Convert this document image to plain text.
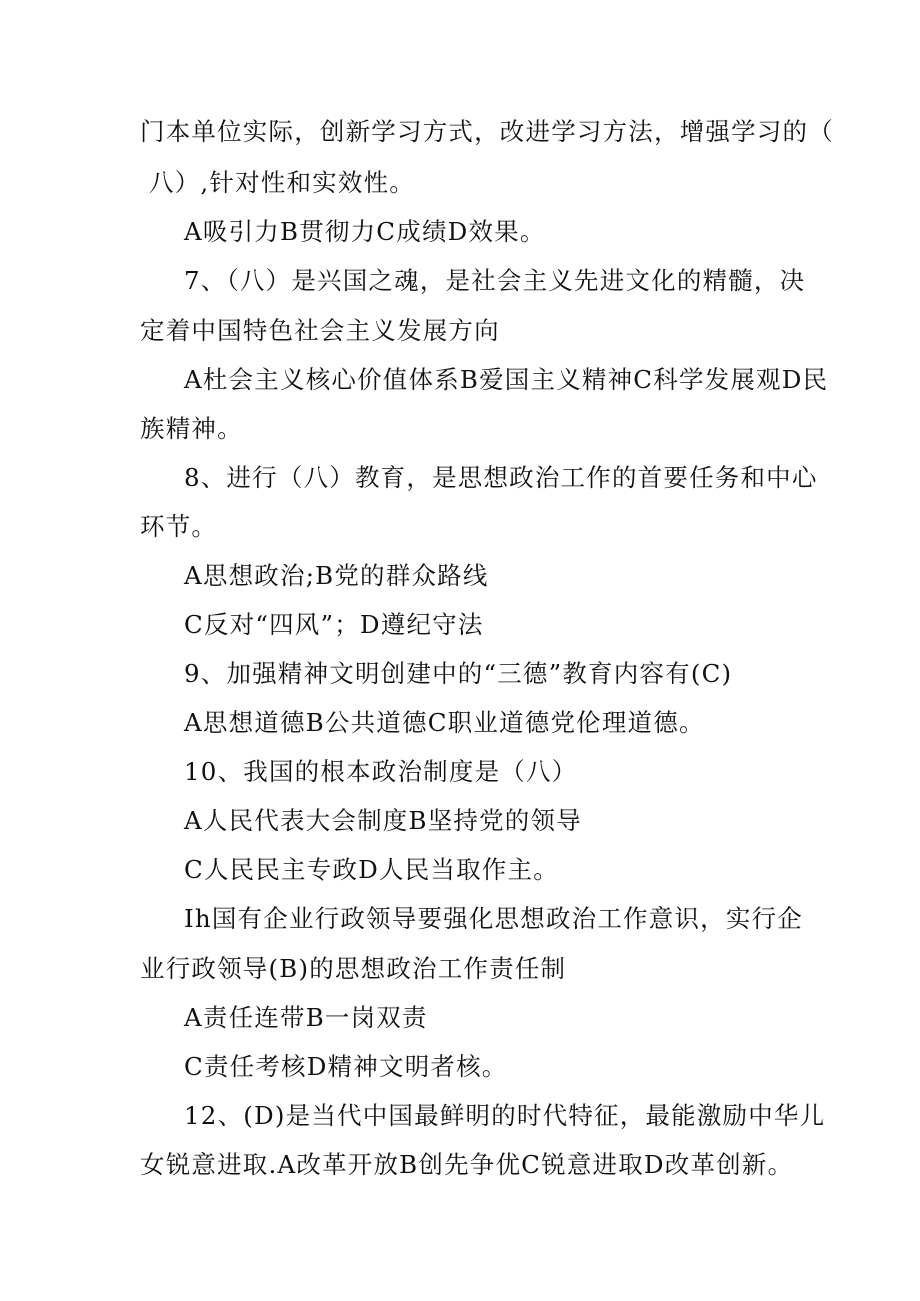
门本单位实际，创新学习方式，改进学习方法，增强学习的（
八）,针对性和实效性。
A吸引力B贯彻力C成绩D效果。
7、（八）是兴国之魂，是社会主义先进文化的精髓，决
定着中国特色社会主义发展方向
A杜会主义核心价值体系B爱国主义精神C科学发展观D民
族精神。
8、进行（八）教育，是思想政治工作的首要任务和中心
环节。
A思想政治;B党的群众路线
C反对“四风”；D遵纪守法
9、加强精神文明创建中的“三德”教育内容有(C)
A思想道德B公共道德C职业道德党伦理道德。
10、我国的根本政治制度是（八）
A人民代表大会制度B坚持党的领导
C人民民主专政D人民当取作主。
Ih国有企业行政领导要强化思想政治工作意识，实行企
业行政领导(B)的思想政治工作责任制
A责任连带B一岗双责
C责任考核D精神文明者核。
12、(D)是当代中国最鲜明的时代特征，最能激励中华儿
女锐意进取.A改革开放B创先争优C锐意进取D改革创新。
